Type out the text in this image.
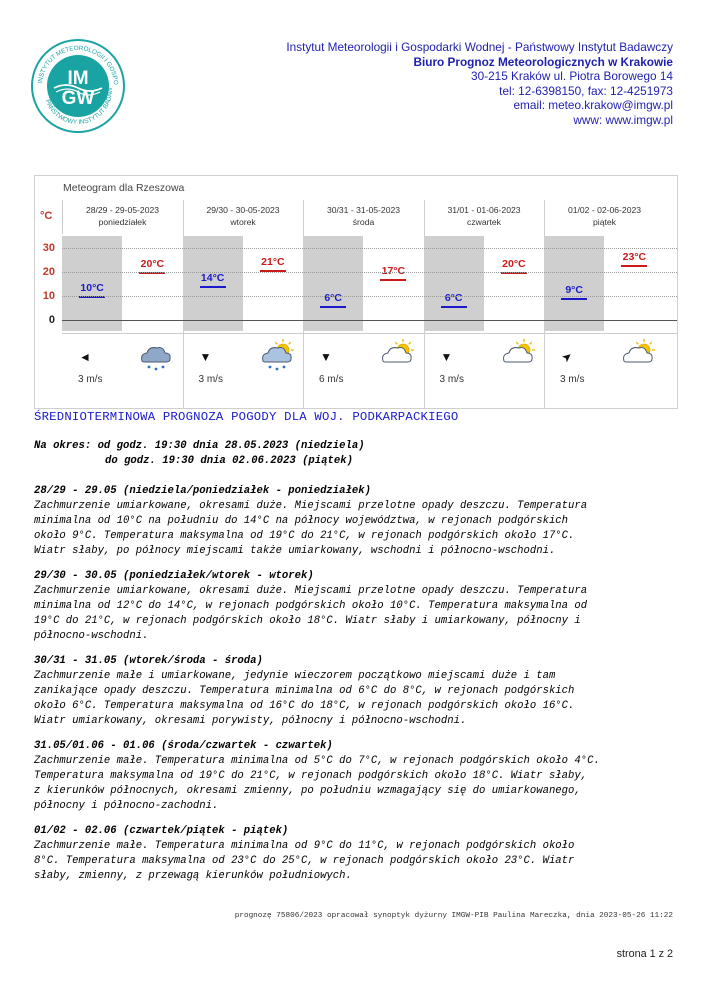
INSTYTUT METEOROLOGII I GOSPO
PAŃSTWOWY INSTYTUT BADAW
IM
GW
Instytut Meteorologii i Gospodarki Wodnej - Państwowy Instytut Badawczy
Biuro Prognoz Meteorologicznych w Krakowie
30-215 Kraków ul. Piotra Borowego 14
tel: 12-6398150, fax: 12-4251973
email: meteo.krakow@imgw.pl
www: www.imgw.pl
Meteogram dla Rzeszowa
°C
30
20
10
0
28/29 - 29-05-2023
poniedziałek
10°C
20°C
◄
3 m/s
29/30 - 30-05-2023
wtorek
14°C
21°C
▼
3 m/s
30/31 - 31-05-2023
środa
6°C
17°C
▼
6 m/s
31/01 - 01-06-2023
czwartek
6°C
20°C
▼
3 m/s
01/02 - 02-06-2023
piątek
9°C
23°C
➤
3 m/s
ŚREDNIOTERMINOWA PROGNOZA POGODY DLA WOJ. PODKARPACKIEGO
Na okres: od godz. 19:30 dnia 28.05.2023 (niedziela)
do godz. 19:30 dnia 02.06.2023 (piątek)
28/29 - 29.05 (niedziela/poniedziałek - poniedziałek)
Zachmurzenie umiarkowane, okresami duże. Miejscami przelotne opady deszczu. Temperatura
minimalna od 10°C na południu do 14°C na północy województwa, w rejonach podgórskich
około 9°C. Temperatura maksymalna od 19°C do 21°C, w rejonach podgórskich około 17°C.
Wiatr słaby, po północy miejscami także umiarkowany, wschodni i północno-wschodni.
29/30 - 30.05 (poniedziałek/wtorek - wtorek)
Zachmurzenie umiarkowane, okresami duże. Miejscami przelotne opady deszczu. Temperatura
minimalna od 12°C do 14°C, w rejonach podgórskich około 10°C. Temperatura maksymalna od
19°C do 21°C, w rejonach podgórskich około 18°C. Wiatr słaby i umiarkowany, północny i
północno-wschodni.
30/31 - 31.05 (wtorek/środa - środa)
Zachmurzenie małe i umiarkowane, jedynie wieczorem początkowo miejscami duże i tam
zanikające opady deszczu. Temperatura minimalna od 6°C do 8°C, w rejonach podgórskich
około 6°C. Temperatura maksymalna od 16°C do 18°C, w rejonach podgórskich około 16°C.
Wiatr umiarkowany, okresami porywisty, północny i północno-wschodni.
31.05/01.06 - 01.06 (środa/czwartek - czwartek)
Zachmurzenie małe. Temperatura minimalna od 5°C do 7°C, w rejonach podgórskich około 4°C.
Temperatura maksymalna od 19°C do 21°C, w rejonach podgórskich około 18°C. Wiatr słaby,
z kierunków północnych, okresami zmienny, po południu wzmagający się do umiarkowanego,
północny i północno-zachodni.
01/02 - 02.06 (czwartek/piątek - piątek)
Zachmurzenie małe. Temperatura minimalna od 9°C do 11°C, w rejonach podgórskich około
8°C. Temperatura maksymalna od 23°C do 25°C, w rejonach podgórskich około 23°C. Wiatr
słaby, zmienny, z przewagą kierunków południowych.
prognozę 75806/2023 opracował synoptyk dyżurny IMGW-PIB Paulina Mareczka, dnia 2023-05-26 11:22
strona 1 z 2
